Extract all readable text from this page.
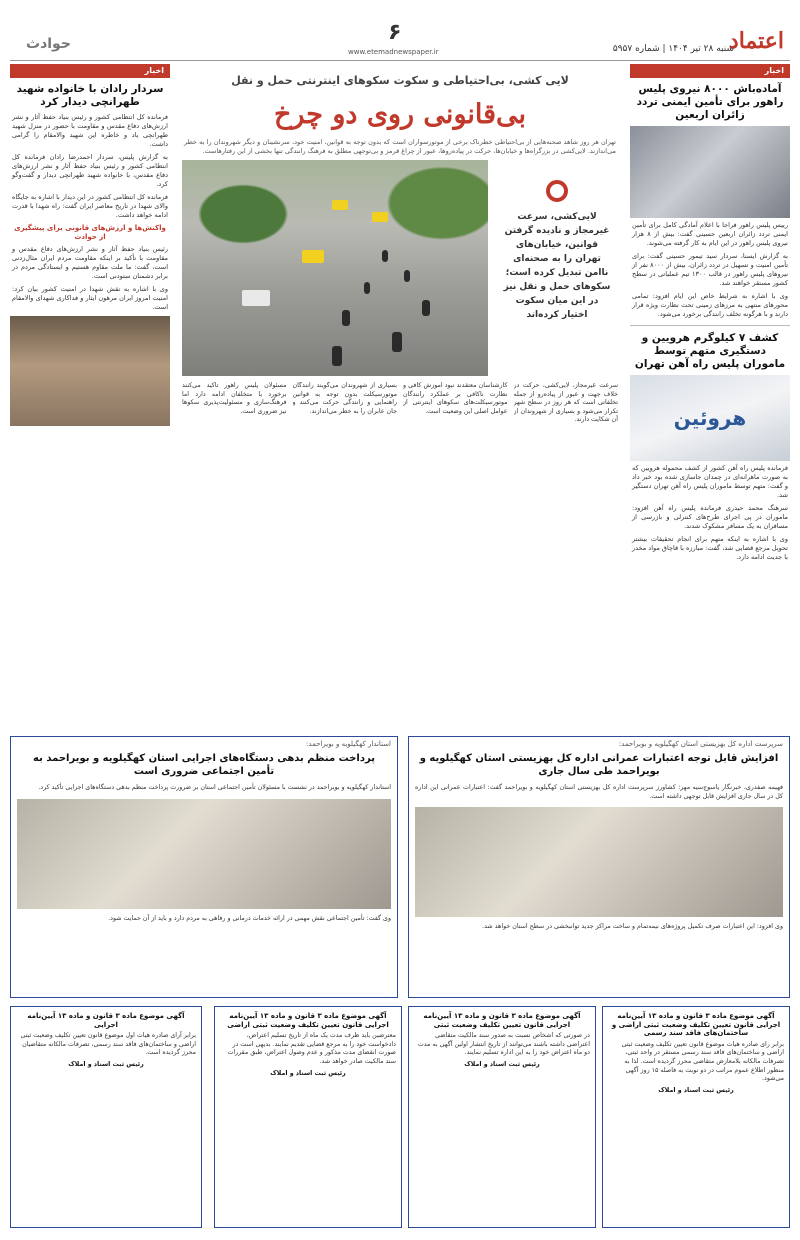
اعتماد
شنبه ۲۸ تیر ۱۴۰۴ | شماره ۵۹۵۷
۶
www.etemadnewspaper.ir
حوادث
اخبار
آماده‌باش ۸۰۰۰ نیروی پلیس راهور برای تأمین ایمنی تردد زائران اربعین
رییس پلیس راهور فراجا با اعلام آمادگی کامل برای تأمین ایمنی تردد زائران اربعین حسینی گفت: بیش از ۸ هزار نیروی پلیس راهور در این ایام به کار گرفته می‌شوند.
به گزارش ایسنا، سردار سید تیمور حسینی گفت: برای تأمین امنیت و تسهیل در تردد زائران، بیش از ۸۰۰۰ نفر از نیروهای پلیس راهور در قالب ۱۳۰۰ تیم عملیاتی در سطح کشور مستقر خواهند شد.
وی با اشاره به شرایط خاص این ایام افزود: تمامی محورهای منتهی به مرزهای زمینی تحت نظارت ویژه قرار دارند و با هرگونه تخلف رانندگی برخورد می‌شود.
کشف ۷ کیلوگرم هرویین و دستگیری متهم توسط ماموران پلیس راه آهن تهران
هروئین
فرمانده پلیس راه آهن کشور از کشف محموله هرویین که به صورت ماهرانه‌ای در چمدان جاسازی شده بود خبر داد و گفت: متهم توسط ماموران پلیس راه آهن تهران دستگیر شد.
سرهنگ محمد حیدری فرمانده پلیس راه آهن افزود: ماموران در پی اجرای طرح‌های کنترلی و بازرسی از مسافران به یک مسافر مشکوک شدند.
وی با اشاره به اینکه متهم برای انجام تحقیقات بیشتر تحویل مرجع قضایی شد، گفت: مبارزه با قاچاق مواد مخدر با جدیت ادامه دارد.
لایی کشی، بی‌احتیاطی و سکوت سکوهای اینترنتی حمل و نقل
بی‌قانونی روی دو چرخ
تهران هر روز شاهد صحنه‌هایی از بی‌احتیاطی خطرناک برخی از موتورسواران است که بدون توجه به قوانین، امنیت خود، سرنشینان و دیگر شهروندان را به خطر می‌اندازند. لایی‌کشی در بزرگراه‌ها و خیابان‌ها، حرکت در پیاده‌روها، عبور از چراغ قرمز و بی‌توجهی مطلق به فرهنگ رانندگی تنها بخشی از این رفتارهاست.
لایی‌کشی، سرعت غیرمجاز و نادیده گرفتن قوانین، خیابان‌های تهران را به صحنه‌ای ناامن تبدیل کرده است؛ سکوهای حمل و نقل نیز در این میان سکوت اختیار کرده‌اند
سرعت غیرمجاز، لایی‌کشی، حرکت در خلاف جهت و عبور از پیاده‌رو از جمله تخلفاتی است که هر روز در سطح شهر تکرار می‌شود و بسیاری از شهروندان از آن شکایت دارند.
کارشناسان معتقدند نبود آموزش کافی و نظارت ناکافی بر عملکرد رانندگان موتورسیکلت‌های سکوهای اینترنتی از عوامل اصلی این وضعیت است.
بسیاری از شهروندان می‌گویند رانندگان موتورسیکلت بدون توجه به قوانین راهنمایی و رانندگی حرکت می‌کنند و جان عابران را به خطر می‌اندازند.
مسئولان پلیس راهور تأکید می‌کنند برخورد با متخلفان ادامه دارد اما فرهنگ‌سازی و مسئولیت‌پذیری سکوها نیز ضروری است.
اخبار
سردار رادان با خانواده شهید طهرانچی دیدار کرد
فرمانده کل انتظامی کشور و رئیس بنیاد حفظ آثار و نشر ارزش‌های دفاع مقدس و مقاومت با حضور در منزل شهید طهرانچی یاد و خاطره این شهید والامقام را گرامی داشت.
به گزارش پلیس، سردار احمدرضا رادان فرمانده کل انتظامی کشور و رئیس بنیاد حفظ آثار و نشر ارزش‌های دفاع مقدس، با خانواده شهید طهرانچی دیدار و گفت‌وگو کرد.
فرمانده کل انتظامی کشور در این دیدار با اشاره به جایگاه والای شهدا در تاریخ معاصر ایران گفت: راه شهدا با قدرت ادامه خواهد داشت.
واکنش‌ها و ارزش‌های قانونی برای پیشگیری از حوادث
رئیس بنیاد حفظ آثار و نشر ارزش‌های دفاع مقدس و مقاومت با تأکید بر اینکه مقاومت مردم ایران مثال‌زدنی است، گفت: ما ملت مقاوم هستیم و ایستادگی مردم در برابر دشمنان ستودنی است.
وی با اشاره به نقش شهدا در امنیت کشور بیان کرد: امنیت امروز ایران مرهون ایثار و فداکاری شهدای والامقام است.
سرپرست اداره کل بهزیستی استان کهگیلویه و بویراحمد:
افزایش قابل توجه اعتبارات عمرانی اداره کل بهزیستی استان کهگیلویه و بویراحمد طی سال جاری
فهیمه صفدری، خبرنگار یاسوج‌سیه مهر: کشاورز سرپرست اداره کل بهزیستی استان کهگیلویه و بویراحمد گفت: اعتبارات عمرانی این اداره کل در سال جاری افزایش قابل توجهی داشته است.
وی افزود: این اعتبارات صرف تکمیل پروژه‌های نیمه‌تمام و ساخت مراکز جدید توانبخشی در سطح استان خواهد شد.
استاندار کهگیلویه و بویراحمد:
پرداخت منظم بدهی دستگاه‌های اجرایی استان کهگیلویه و بویراحمد به تأمین اجتماعی ضروری است
استاندار کهگیلویه و بویراحمد در نشست با مسئولان تأمین اجتماعی استان بر ضرورت پرداخت منظم بدهی دستگاه‌های اجرایی تأکید کرد.
وی گفت: تأمین اجتماعی نقش مهمی در ارائه خدمات درمانی و رفاهی به مردم دارد و باید از آن حمایت شود.
آگهی موضوع ماده ۳ قانون و ماده ۱۳ آیین‌نامه اجرایی قانون تعیین تکلیف وضعیت ثبتی اراضی و ساختمان‌های فاقد سند رسمی
برابر رای صادره هیات موضوع قانون تعیین تکلیف وضعیت ثبتی اراضی و ساختمان‌های فاقد سند رسمی مستقر در واحد ثبتی، تصرفات مالکانه بلامعارض متقاضی محرز گردیده است. لذا به منظور اطلاع عموم مراتب در دو نوبت به فاصله ۱۵ روز آگهی می‌شود.
رئیس ثبت اسناد و املاک
آگهی موضوع ماده ۳ قانون و ماده ۱۳ آیین‌نامه اجرایی قانون تعیین تکلیف وضعیت ثبتی
در صورتی که اشخاص نسبت به صدور سند مالکیت متقاضی اعتراضی داشته باشند می‌توانند از تاریخ انتشار اولین آگهی به مدت دو ماه اعتراض خود را به این اداره تسلیم نمایند.
رئیس ثبت اسناد و املاک
آگهی موضوع ماده ۳ قانون و ماده ۱۳ آیین‌نامه اجرایی قانون تعیین تکلیف وضعیت ثبتی اراضی
معترضین باید ظرف مدت یک ماه از تاریخ تسلیم اعتراض، دادخواست خود را به مرجع قضایی تقدیم نمایند. بدیهی است در صورت انقضای مدت مذکور و عدم وصول اعتراض، طبق مقررات سند مالکیت صادر خواهد شد.
رئیس ثبت اسناد و املاک
آگهی موضوع ماده ۳ قانون و ماده ۱۳ آیین‌نامه اجرایی
برابر آرای صادره هیات اول موضوع قانون تعیین تکلیف وضعیت ثبتی اراضی و ساختمان‌های فاقد سند رسمی، تصرفات مالکانه متقاضیان محرز گردیده است.
رئیس ثبت اسناد و املاک
